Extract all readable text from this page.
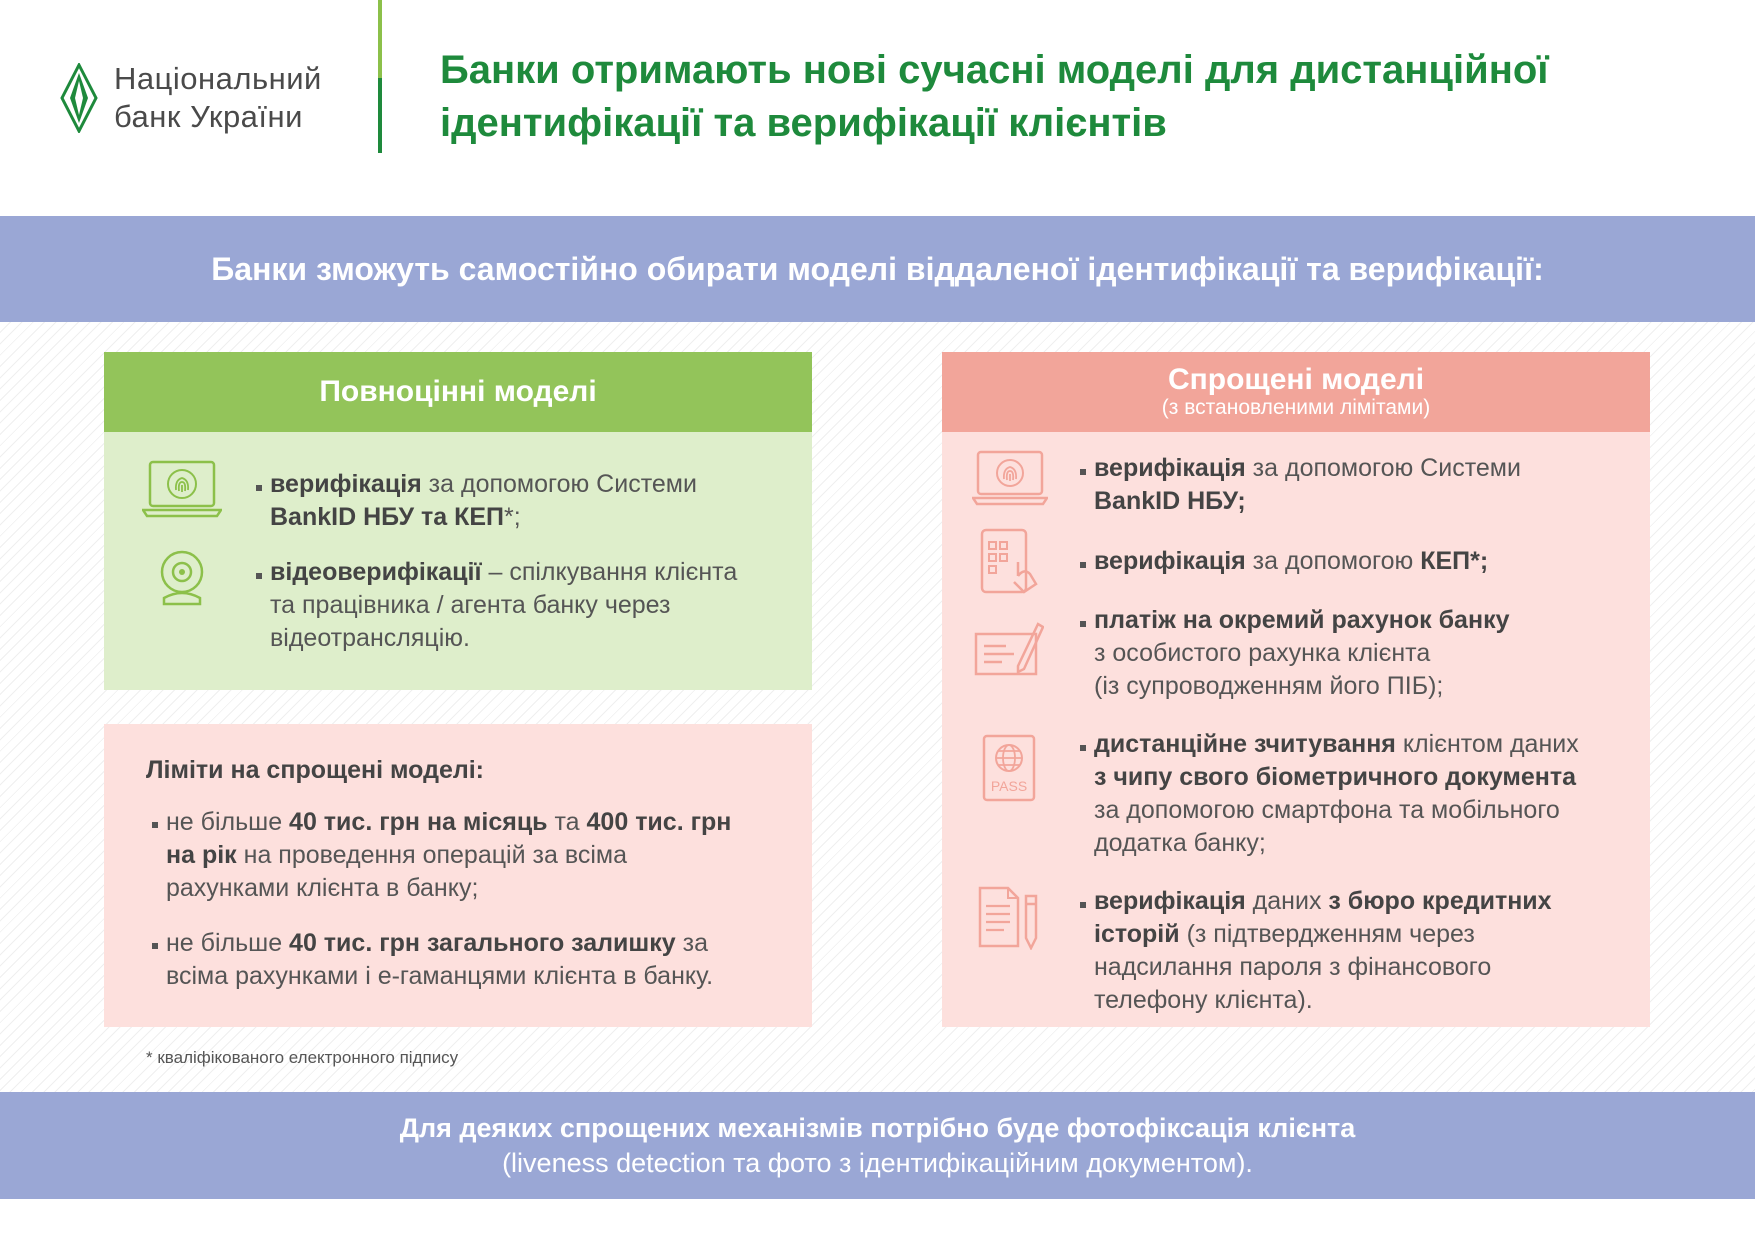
Національний
банк України
Банки отримають нові сучасні моделі для дистанційної
ідентифікації та верифікації клієнтів
Банки зможуть самостійно обирати моделі віддаленої ідентифікації та верифікації:
Повноцінні моделі
верифікація за допомогою Системи
BankID НБУ та КЕП*;
відеоверифікації – спілкування клієнта
та працівника / агента банку через
відеотрансляцію.
Ліміти на спрощені моделі:
не більше 40 тис. грн на місяць та 400 тис. грн
на рік на проведення операцій за всіма
рахунками клієнта в банку;
не більше 40 тис. грн загального залишку за
всіма рахунками і е-гаманцями клієнта в банку.
Спрощені моделі
(з встановленими лімітами)
верифікація за допомогою Системи
BankID НБУ;
верифікація за допомогою КЕП*;
платіж на окремий рахунок банку
з особистого рахунка клієнта
(із супроводженням його ПІБ);
PASS
дистанційне зчитування клієнтом даних
з чипу свого біометричного документа
за допомогою смартфона та мобільного
додатка банку;
верифікація даних з бюро кредитних
історій (з підтвердженням через
надсилання пароля з фінансового
телефону клієнта).
* кваліфікованого електронного підпису
Для деяких спрощених механізмів потрібно буде фотофіксація клієнта
(liveness detection та фото з ідентифікаційним документом).
